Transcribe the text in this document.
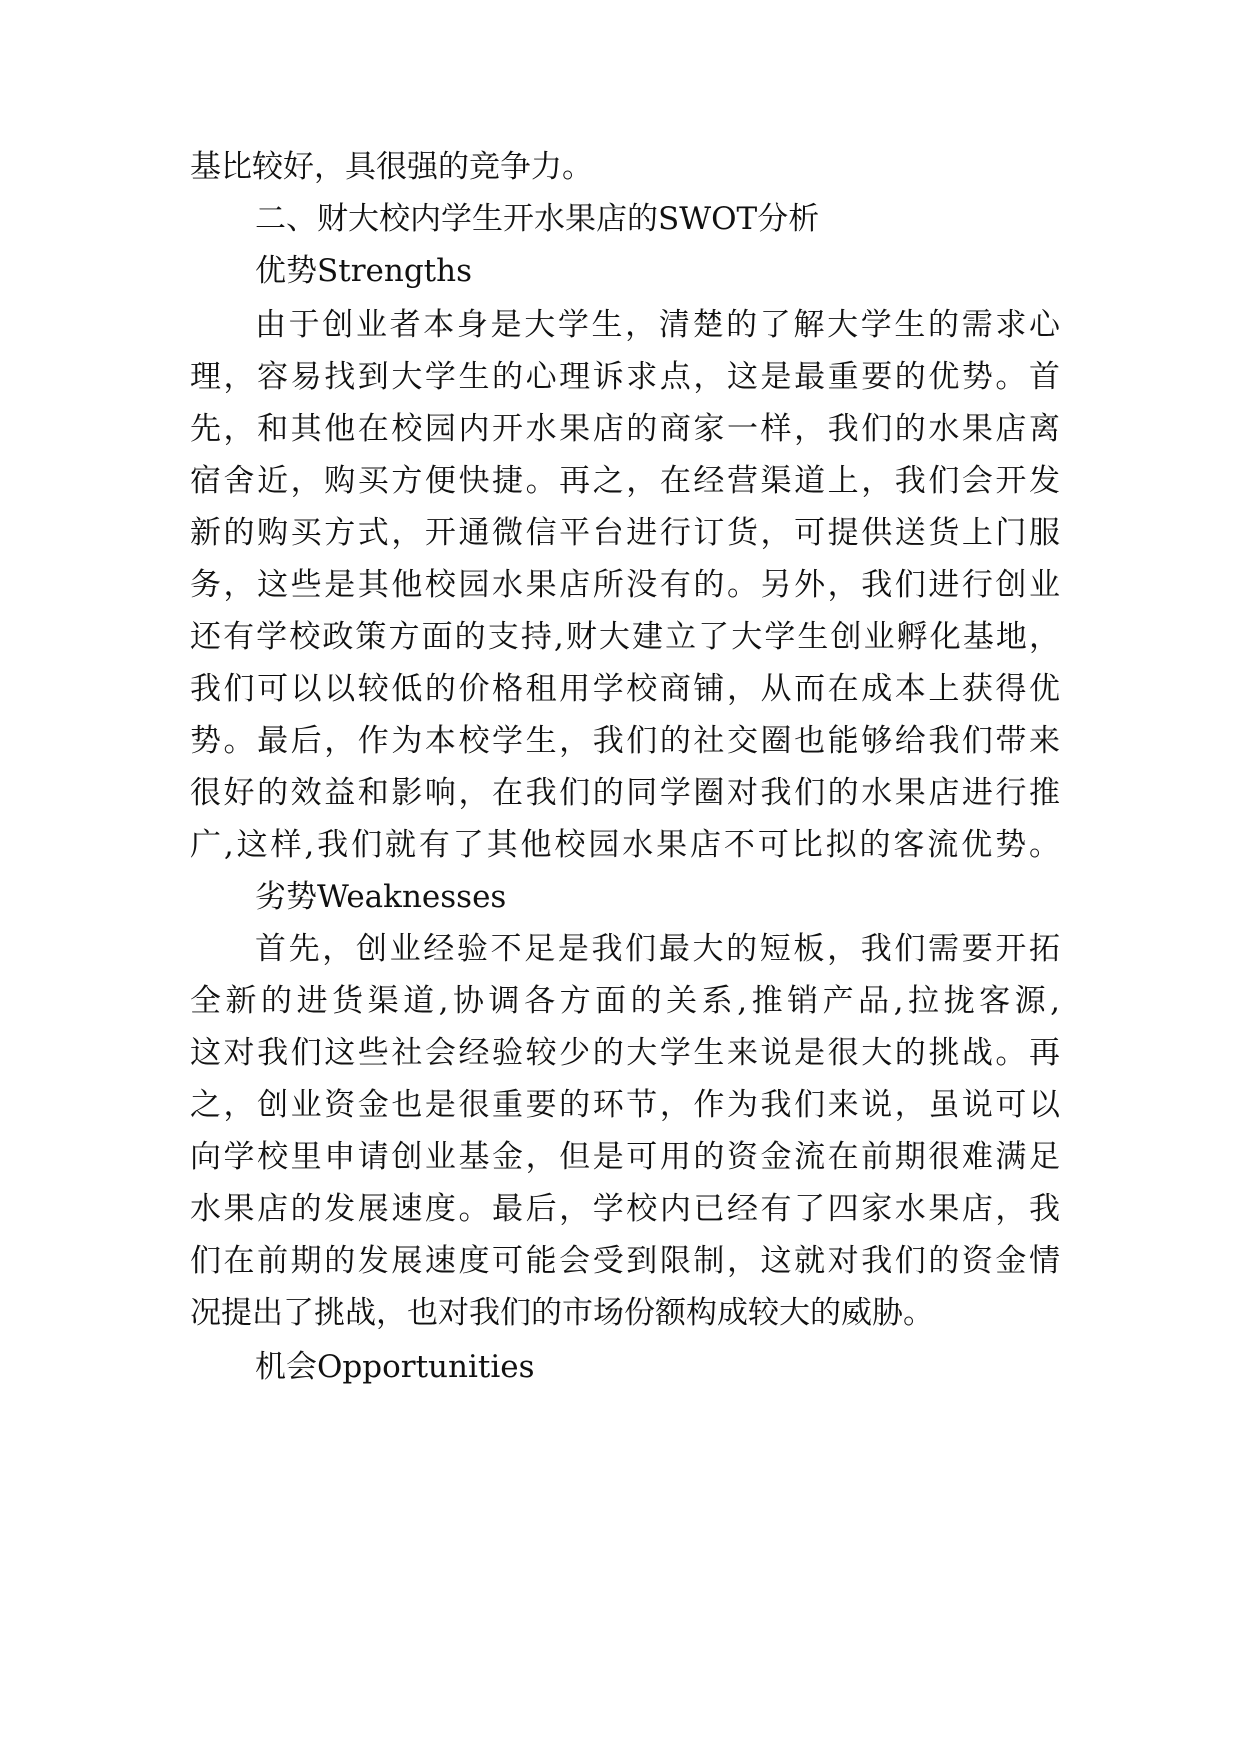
基比较好，具很强的竞争力。
二、财大校内学生开水果店的SWOT分析
优势Strengths
由于创业者本身是大学生，清楚的了解大学生的需求心
理，容易找到大学生的心理诉求点，这是最重要的优势。首
先，和其他在校园内开水果店的商家一样，我们的水果店离
宿舍近，购买方便快捷。再之，在经营渠道上，我们会开发
新的购买方式，开通微信平台进行订货，可提供送货上门服
务，这些是其他校园水果店所没有的。另外，我们进行创业
还有学校政策方面的支持,财大建立了大学生创业孵化基地，
我们可以以较低的价格租用学校商铺，从而在成本上获得优
势。最后，作为本校学生，我们的社交圈也能够给我们带来
很好的效益和影响，在我们的同学圈对我们的水果店进行推
广,这样,我们就有了其他校园水果店不可比拟的客流优势。
劣势Weaknesses
首先，创业经验不足是我们最大的短板，我们需要开拓
全新的进货渠道,协调各方面的关系,推销产品,拉拢客源,
这对我们这些社会经验较少的大学生来说是很大的挑战。再
之，创业资金也是很重要的环节，作为我们来说，虽说可以
向学校里申请创业基金，但是可用的资金流在前期很难满足
水果店的发展速度。最后，学校内已经有了四家水果店，我
们在前期的发展速度可能会受到限制，这就对我们的资金情
况提出了挑战，也对我们的市场份额构成较大的威胁。
机会Opportunities
